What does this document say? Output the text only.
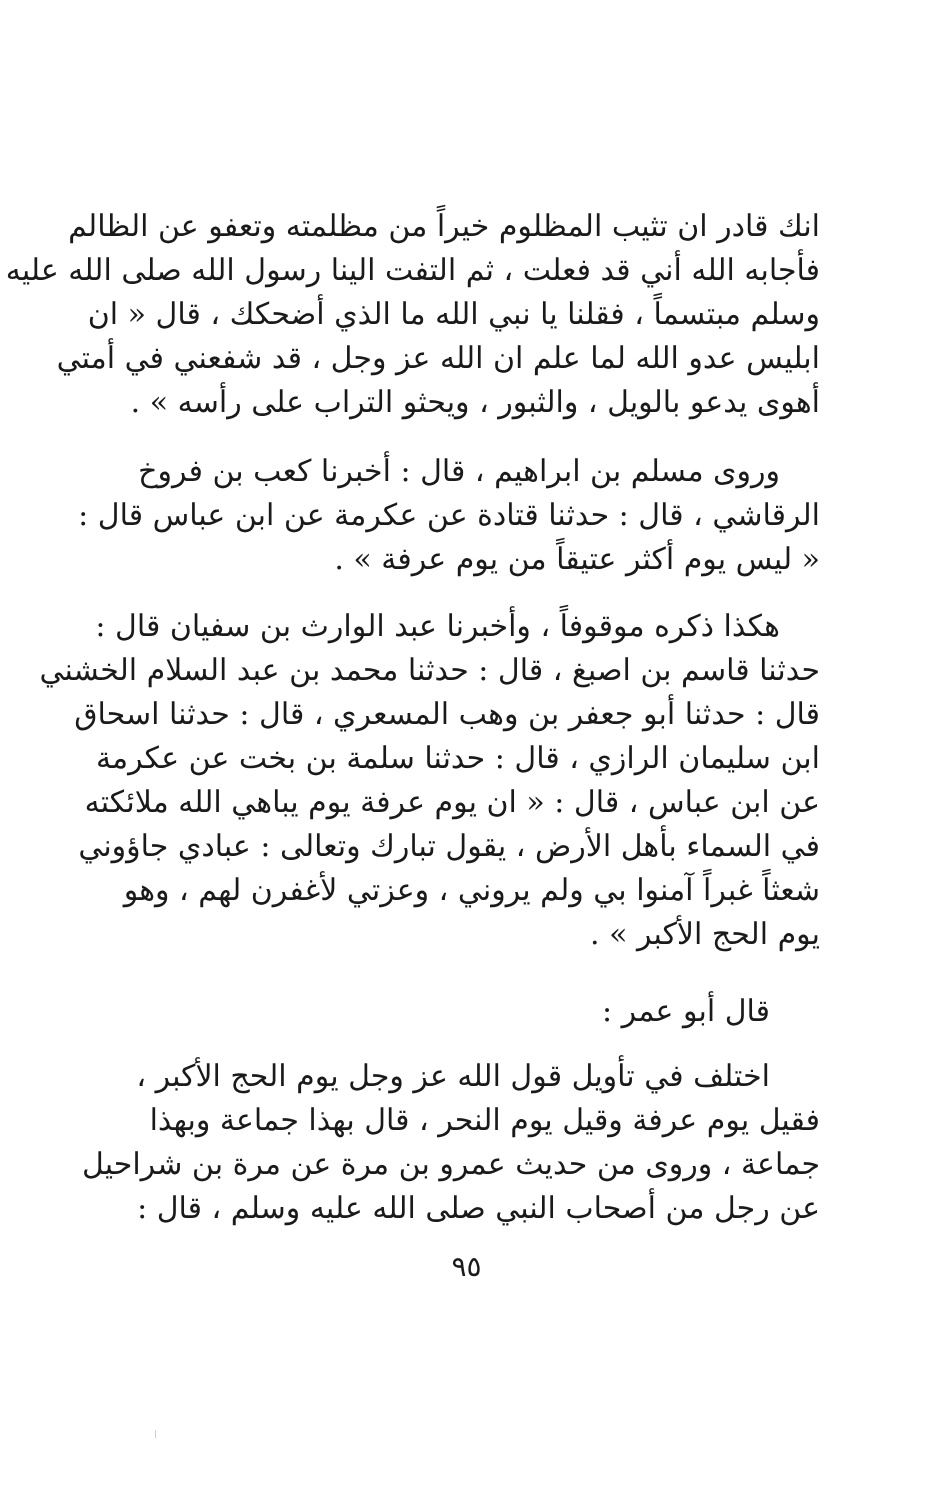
انك قادر ان تثيب المظلوم خيراً من مظلمته وتعفو عن الظالم
فأجابه الله أني قد فعلت ، ثم التفت الينا رسول الله صلى الله عليه
وسلم مبتسماً ، فقلنا يا نبي الله ما الذي أضحكك ، قال « ان
ابليس عدو الله لما علم ان الله عز وجل ، قد شفعني في أمتي
أهوى يدعو بالويل ، والثبور ، ويحثو التراب على رأسه » .
وروى مسلم بن ابراهيم ، قال : أخبرنا كعب بن فروخ
الرقاشي ، قال : حدثنا قتادة عن عكرمة عن ابن عباس قال :
« ليس يوم أكثر عتيقاً من يوم عرفة » .
هكذا ذكره موقوفاً ، وأخبرنا عبد الوارث بن سفيان قال :
حدثنا قاسم بن اصبغ ، قال : حدثنا محمد بن عبد السلام الخشني
قال : حدثنا أبو جعفر بن وهب المسعري ، قال : حدثنا اسحاق
ابن سليمان الرازي ، قال : حدثنا سلمة بن بخت عن عكرمة
عن ابن عباس ، قال : « ان يوم عرفة يوم يباهي الله ملائكته
في السماء بأهل الأرض ، يقول تبارك وتعالى : عبادي جاؤوني
شعثاً غبراً آمنوا بي ولم يروني ، وعزتي لأغفرن لهم ، وهو
يوم الحج الأكبر » .
قال أبو عمر :
اختلف في تأويل قول الله عز وجل يوم الحج الأكبر ،
فقيل يوم عرفة وقيل يوم النحر ، قال بهذا جماعة وبهذا
جماعة ، وروى من حديث عمرو بن مرة عن مرة بن شراحيل
عن رجل من أصحاب النبي صلى الله عليه وسلم ، قال :
٩٥
